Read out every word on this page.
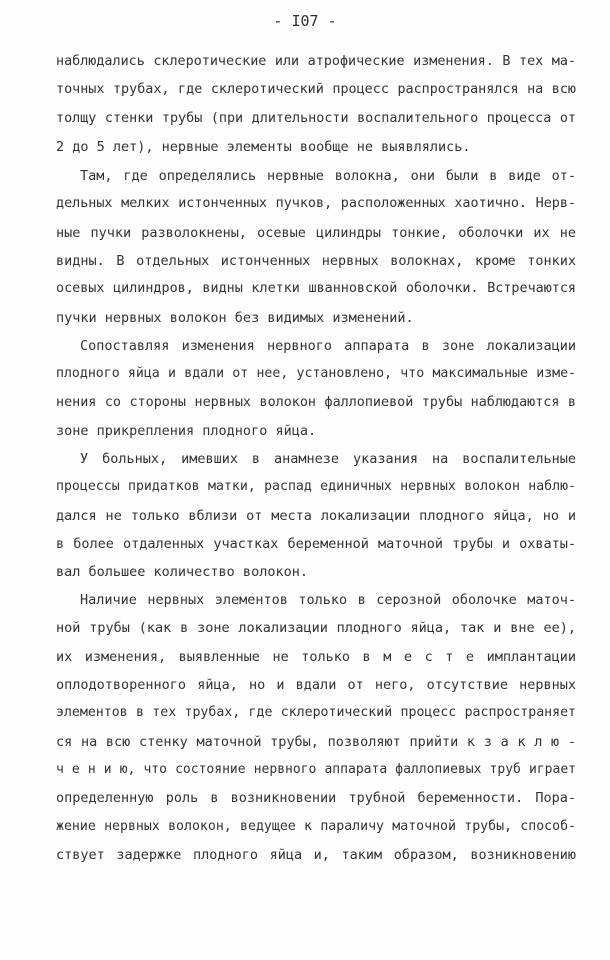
- I07 -
наблюдались склеротические или атрофические изменения. В тех ма-
точных трубах, где склеротический процесс распространялся на всю
толщу стенки трубы (при длительности воспалительного процесса от
2 до 5 лет), нервные элементы вообще не выявлялись.
Там, где определялись нервные волокна, они были в виде от-
дельных мелких истонченных пучков, расположенных хаотично. Нерв-
ные пучки разволокнены, осевые цилиндры тонкие, оболочки их не
видны. В отдельных истонченных нервных волокнах, кроме тонких
осевых цилиндров, видны клетки шванновской оболочки. Встречаются
пучки нервных волокон без видимых изменений.
Сопоставляя изменения нервного аппарата в зоне локализации
плодного яйца и вдали от нее, установлено, что максимальные изме-
нения со стороны нервных волокон фаллопиевой трубы наблюдаются в
зоне прикрепления плодного яйца.
У больных, имевших в анамнезе указания на воспалительные
процессы придатков матки, распад единичных нервных волокон наблю-
дался не только вблизи от места локализации плодного яйца, но и
в более отдаленных участках беременной маточной трубы и охваты-
вал большее количество волокон.
Наличие нервных элементов только в серозной оболочке маточ-
ной трубы (как в зоне локализации плодного яйца, так и вне ее),
их изменения, выявленные не только в м е с т е имплантации
оплодотворенного яйца, но и вдали от него, отсутствие нервных
элементов в тех трубах, где склеротический процесс распространяет
ся на всю стенку маточной трубы, позволяют прийти к з а к л ю -
ч е н и ю, что состояние нервного аппарата фаллопиевых труб играет
определенную роль в возникновении трубной беременности. Пора-
жение нервных волокон, ведущее к параличу маточной трубы, способ-
ствует задержке плодного яйца и, таким образом, возникновению
